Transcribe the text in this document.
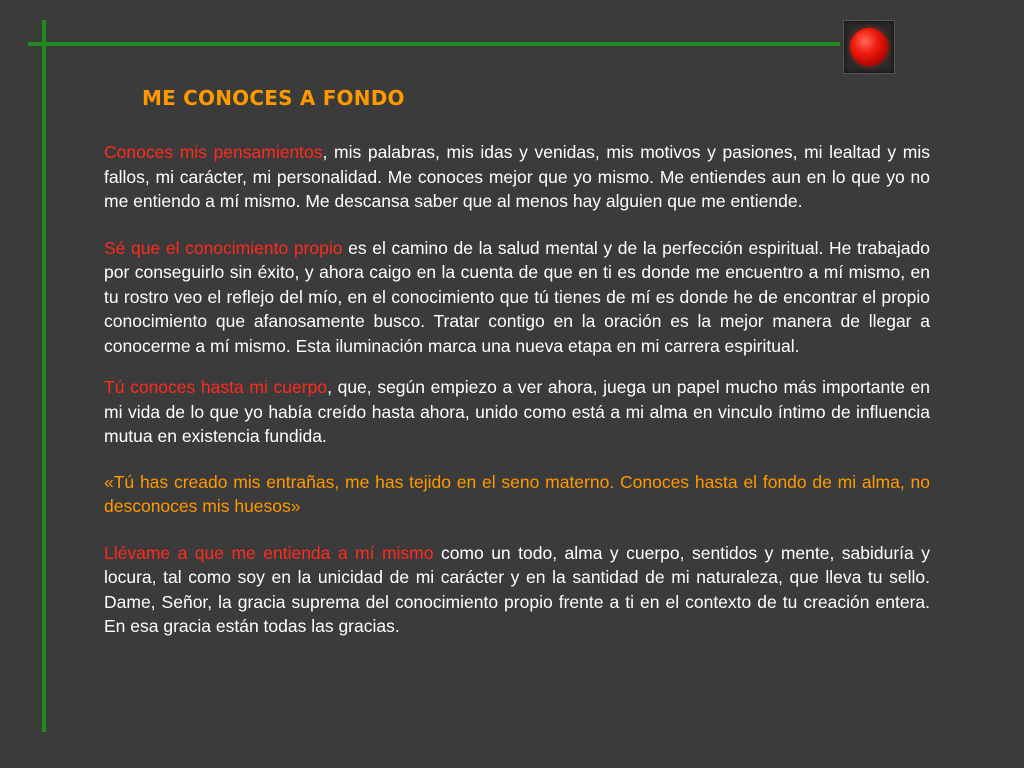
ME CONOCES A FONDO

Conoces mis pensamientos, mis palabras, mis idas y venidas, mis motivos y pasiones, mi lealtad y mis fallos, mi carácter, mi personalidad. Me conoces mejor que yo mismo. Me entiendes aun en lo que yo no me entiendo a mí mismo. Me descansa saber que al menos hay alguien que me entiende.

Sé que el conocimiento propio es el camino de la salud mental y de la perfección espiritual. He trabajado por conseguirlo sin éxito, y ahora caigo en la cuenta de que en ti es donde me encuentro a mí mismo, en tu rostro veo el reflejo del mío, en el conocimiento que tú tienes de mí es donde he de encontrar el propio conocimiento que afanosamente busco. Tratar contigo en la oración es la mejor manera de llegar a conocerme a mí mismo. Esta iluminación marca una nueva etapa en mi carrera espiritual.

Tú conoces hasta mi cuerpo, que, según empiezo a ver ahora, juega un papel mucho más importante en mi vida de lo que yo había creído hasta ahora, unido como está a mi alma en vinculo íntimo de influencia mutua en existencia fundida.

«Tú has creado mis entrañas, me has tejido en el seno materno. Conoces hasta el fondo de mi alma, no desconoces mis huesos»

Llévame a que me entienda a mí mismo como un todo, alma y cuerpo, sentidos y mente, sabiduría y locura, tal como soy en la unicidad de mi carácter y en la santidad de mi naturaleza, que lleva tu sello. Dame, Señor, la gracia suprema del conocimiento propio frente a ti en el contexto de tu creación entera. En esa gracia están todas las gracias.
